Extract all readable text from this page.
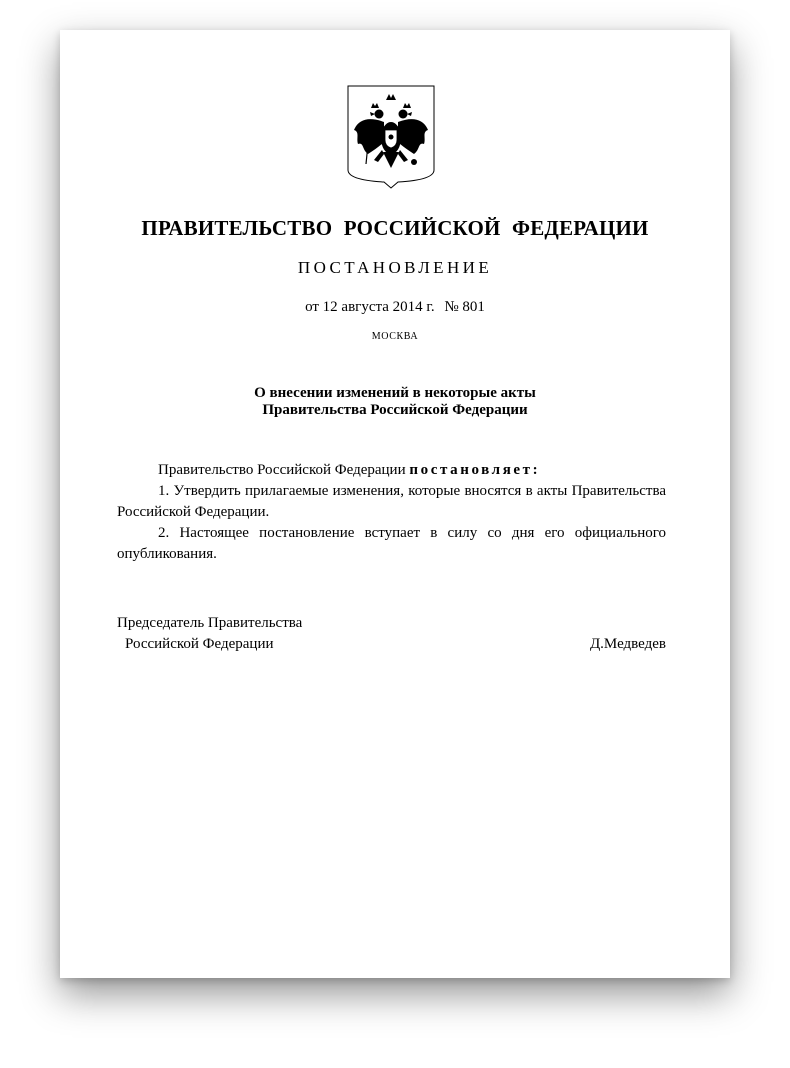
ПРАВИТЕЛЬСТВО РОССИЙСКОЙ ФЕДЕРАЦИИ
ПОСТАНОВЛЕНИЕ
от 12 августа 2014 г. № 801
МОСКВА
О внесении изменений в некоторые акты
Правительства Российской Федерации

Правительство Российской Федерации постановляет:

1. Утвердить прилагаемые изменения, которые вносятся в акты Правительства Российской Федерации.

2. Настоящее постановление вступает в силу со дня его официального опубликования.

Председатель Правительства
Российской Федерации	Д.Медведев
